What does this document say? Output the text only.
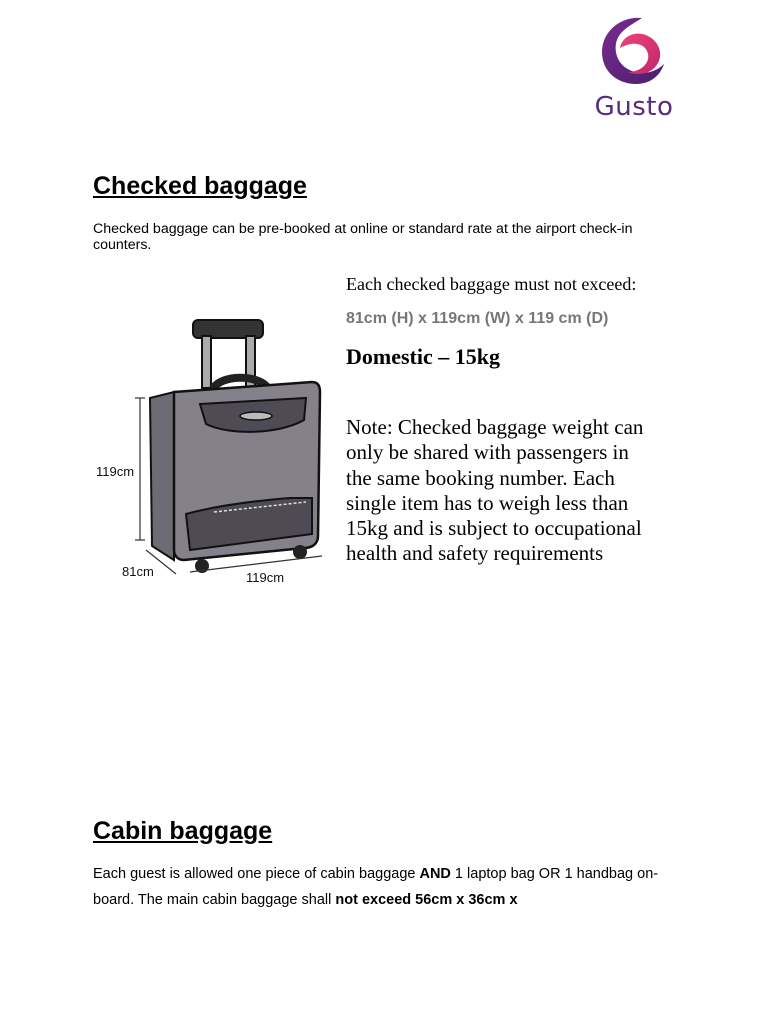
Gusto
Checked baggage
Checked baggage can be pre-booked at online or standard rate at the airport check-in counters.
119cm
81cm	119cm

Each checked baggage must not exceed:

81cm (H) x 119cm (W) x 119 cm (D)

Domestic – 15kg

Note: Checked baggage weight can only be shared with passengers in the same booking number. Each single item has to weigh less than 15kg and is subject to occupational health and safety requirements

Cabin baggage
Each guest is allowed one piece of cabin baggage AND 1 laptop bag OR 1 handbag on-board. The main cabin baggage shall not exceed 56cm x 36cm x
